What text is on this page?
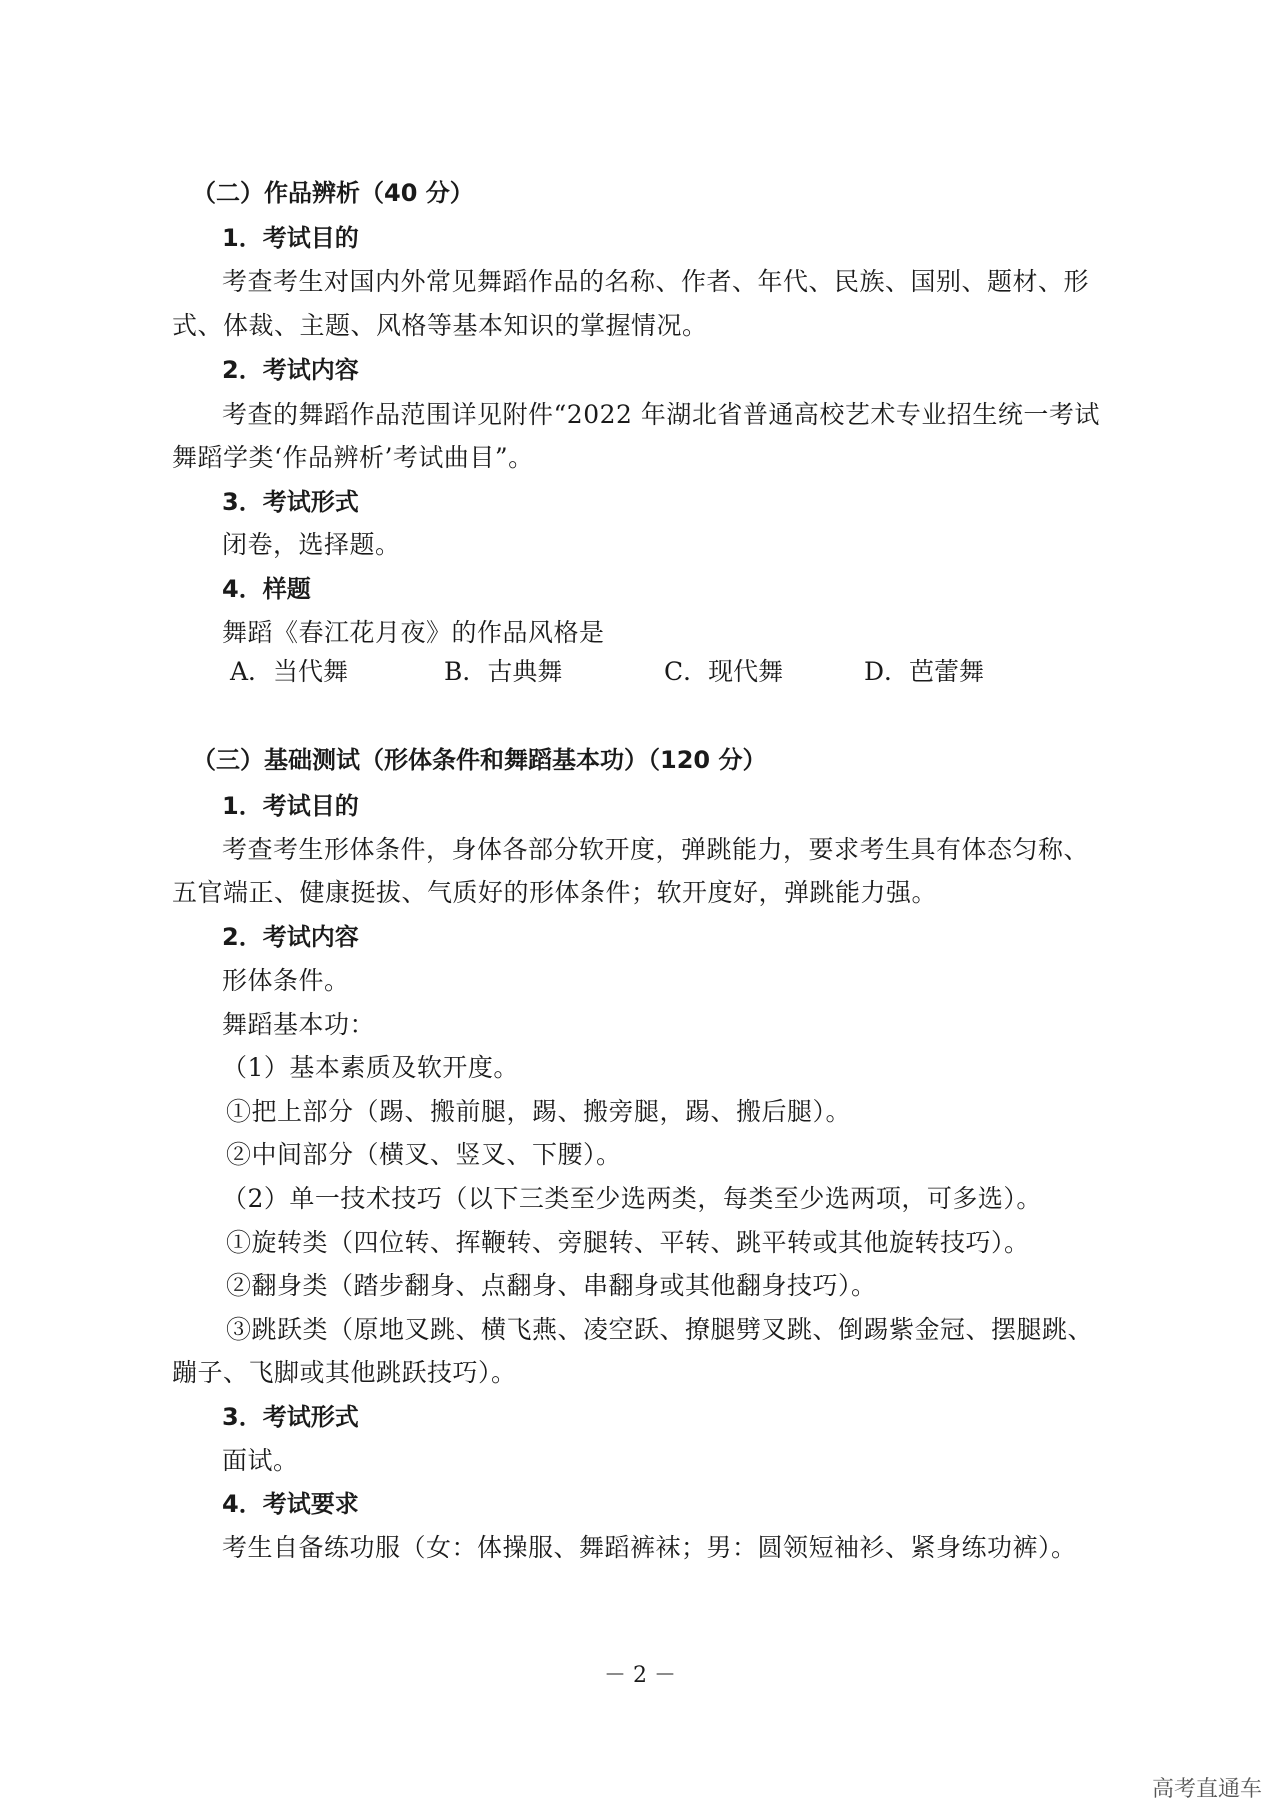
（二）作品辨析（40 分）
1．考试目的
考查考生对国内外常见舞蹈作品的名称、作者、年代、民族、国别、题材、形
式、体裁、主题、风格等基本知识的掌握情况。
2．考试内容
考查的舞蹈作品范围详见附件“2022 年湖北省普通高校艺术专业招生统一考试
舞蹈学类‘作品辨析’考试曲目”。
3．考试形式
闭卷，选择题。
4．样题
舞蹈《春江花月夜》的作品风格是
A．当代舞	B．古典舞	C．现代舞	D．芭蕾舞
（三）基础测试（形体条件和舞蹈基本功）（120 分）
1．考试目的
考查考生形体条件，身体各部分软开度，弹跳能力，要求考生具有体态匀称、
五官端正、健康挺拔、气质好的形体条件；软开度好，弹跳能力强。
2．考试内容
形体条件。
舞蹈基本功：
（1）基本素质及软开度。
①把上部分（踢、搬前腿，踢、搬旁腿，踢、搬后腿）。
②中间部分（横叉、竖叉、下腰）。
（2）单一技术技巧（以下三类至少选两类，每类至少选两项，可多选）。
①旋转类（四位转、挥鞭转、旁腿转、平转、跳平转或其他旋转技巧）。
②翻身类（踏步翻身、点翻身、串翻身或其他翻身技巧）。
③跳跃类（原地叉跳、横飞燕、凌空跃、撩腿劈叉跳、倒踢紫金冠、摆腿跳、
蹦子、飞脚或其他跳跃技巧）。
3．考试形式
面试。
4．考试要求
考生自备练功服（女：体操服、舞蹈裤袜；男：圆领短袖衫、紧身练功裤）。
－ 2 －
高考直通车
